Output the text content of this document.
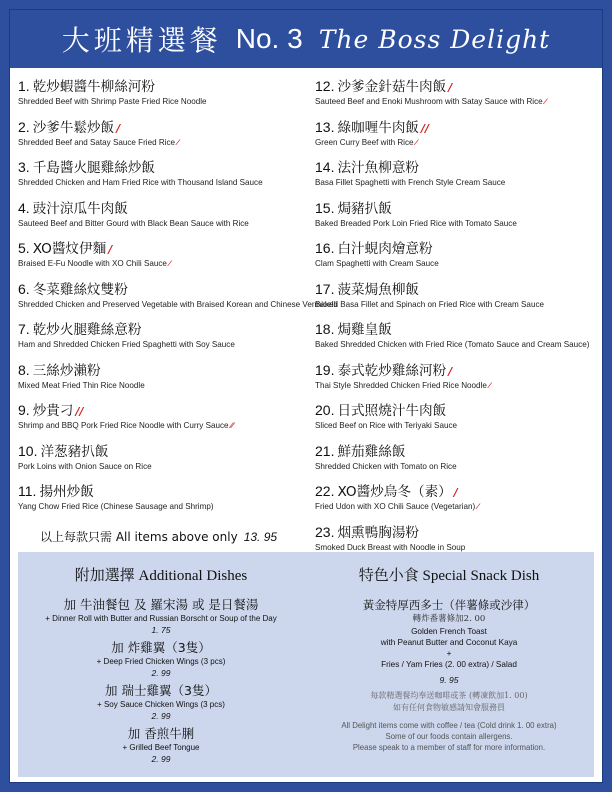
大班精選餐 No. 3 The Boss Delight
1. 乾炒蝦醬牛柳絲河粉
Shredded Beef with Shrimp Paste Fried Rice Noodle
2. 沙爹牛鬆炒飯 ∕
Shredded Beef and Satay Sauce Fried Rice ∕
3. 千島醬火腿雞絲炒飯
Shredded Chicken and Ham Fried Rice with Thousand Island Sauce
4. 豉汁涼瓜牛肉飯
Sauteed Beef and Bitter Gourd with Black Bean Sauce with Rice
5. XO醬炆伊麵 ∕
Braised E-Fu Noodle with XO Chili Sauce ∕
6. 冬菜雞絲炆雙粉
Shredded Chicken and Preserved Vegetable with Braised Korean and Chinese Vermicelli
7. 乾炒火腿雞絲意粉
Ham and Shredded Chicken Fried Spaghetti with Soy Sauce
8. 三絲炒瀨粉
Mixed Meat Fried Thin Rice Noodle
9. 炒貴刁 ∕∕
Shrimp and BBQ Pork Fried Rice Noodle with Curry Sauce ∕∕
10. 洋葱豬扒飯
Pork Loins with Onion Sauce on Rice
11. 揚州炒飯
Yang Chow Fried Rice (Chinese Sausage and Shrimp)
12. 沙爹金針菇牛肉飯 ∕
Sauteed Beef and Enoki Mushroom with Satay Sauce with Rice ∕
13. 綠咖喱牛肉飯 ∕∕
Green Curry Beef with Rice ∕
14. 法汁魚柳意粉
Basa Fillet Spaghetti with French Style Cream Sauce
15. 焗豬扒飯
Baked Breaded Pork Loin Fried Rice with Tomato Sauce
16. 白汁蜆肉燴意粉
Clam Spaghetti with Cream Sauce
17. 菠菜焗魚柳飯
Baked Basa Fillet and Spinach on Fried Rice with Cream Sauce
18. 焗雞皇飯
Baked Shredded Chicken with Fried Rice (Tomato Sauce and Cream Sauce)
19. 泰式乾炒雞絲河粉 ∕
Thai Style Shredded Chicken Fried Rice Noodle ∕
20. 日式照燒汁牛肉飯
Sliced Beef on Rice with Teriyaki Sauce
21. 鮮茄雞絲飯
Shredded Chicken with Tomato on Rice
22. XO醬炒烏冬（素） ∕
Fried Udon with XO Chili Sauce (Vegetarian) ∕
23. 烟熏鴨胸湯粉
Smoked Duck Breast with Noodle in Soup
以上每款只需 All items above only 13. 95
附加選擇 Additional Dishes
加 牛油餐包 及 羅宋湯 或 是日餐湯
+ Dinner Roll with Butter and Russian Borscht or Soup of the Day
1. 75
加 炸雞翼（3隻）
+ Deep Fried Chicken Wings (3 pcs)
2. 99
加 瑞士雞翼（3隻）
+ Soy Sauce Chicken Wings (3 pcs)
2. 99
加 香煎牛脷
+ Grilled Beef Tongue
2. 99
特色小食 Special Snack Dish
黃金特厚西多士（伴薯條或沙律）
轉炸番薯條加2. 00
Golden French Toast
with Peanut Butter and Coconut Kaya
+
Fries / Yam Fries (2. 00 extra) / Salad
9. 95
每款精選餐均奉送咖啡或茶 (轉凍飲加1. 00)
如有任何食物敏感請知會服務員
All Delight items come with coffee / tea (Cold drink 1. 00 extra)
Some of our foods contain allergens.
Please speak to a member of staff for more information.
